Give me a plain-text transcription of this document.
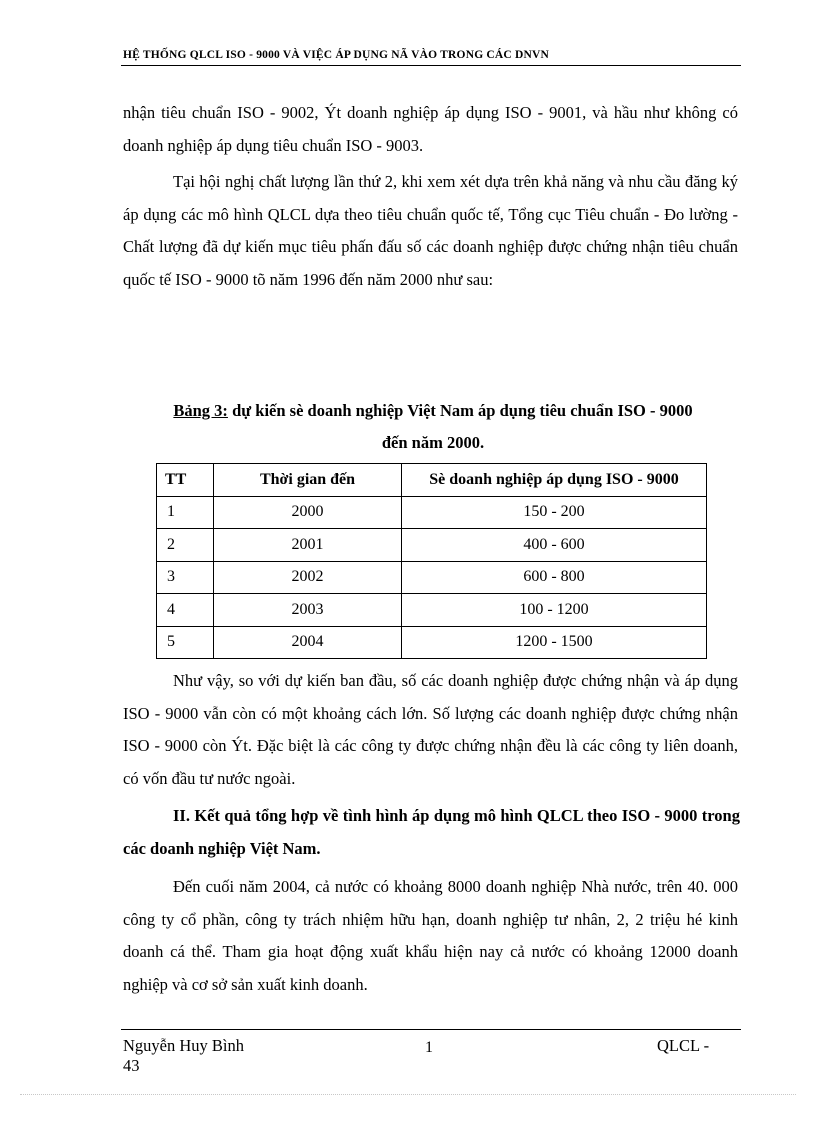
HỆ THỐNG QLCL ISO - 9000 VÀ VIỆC ÁP DỤNG NÃ VÀO TRONG CÁC DNVN

nhận tiêu chuẩn ISO - 9002, Ýt doanh nghiệp áp dụng ISO - 9001, và hầu như không có doanh nghiệp áp dụng tiêu chuẩn ISO - 9003.

Tại hội nghị chất lượng lần thứ 2, khi xem xét dựa trên khả năng và nhu cầu đăng ký áp dụng các mô hình QLCL dựa theo tiêu chuẩn quốc tế, Tổng cục Tiêu chuẩn - Đo lường - Chất lượng đã dự kiến mục tiêu phấn đấu số các doanh nghiệp được chứng nhận tiêu chuẩn quốc tế ISO - 9000 tõ năm 1996 đến năm 2000 như sau:

Bảng 3: dự kiến sè doanh nghiệp Việt Nam áp dụng tiêu chuẩn ISO - 9000
đến năm 2000.
TT	Thời gian đến	Sè doanh nghiệp áp dụng ISO - 9000
1	2000	150 - 200
2	2001	400 - 600
3	2002	600 - 800
4	2003	100 - 1200
5	2004	1200 - 1500

Như vậy, so với dự kiến ban đầu, số các doanh nghiệp được chứng nhận và áp dụng ISO - 9000 vẫn còn có một khoảng cách lớn. Số lượng các doanh nghiệp được chứng nhận ISO - 9000 còn Ýt. Đặc biệt là các công ty được chứng nhận đều là các công ty liên doanh, có vốn đầu tư nước ngoài.

II. Kết quả tổng hợp về tình hình áp dụng mô hình QLCL theo ISO - 9000 trong các doanh nghiệp Việt Nam.

Đến cuối năm 2004, cả nước có khoảng 8000 doanh nghiệp Nhà nước, trên 40. 000 công ty cổ phần, công ty trách nhiệm hữu hạn, doanh nghiệp tư nhân, 2, 2 triệu hé kinh doanh cá thể. Tham gia hoạt động xuất khẩu hiện nay cả nước có khoảng 12000 doanh nghiệp và cơ sở sản xuất kinh doanh.

Nguyễn Huy Bình
43
1	QLCL -
